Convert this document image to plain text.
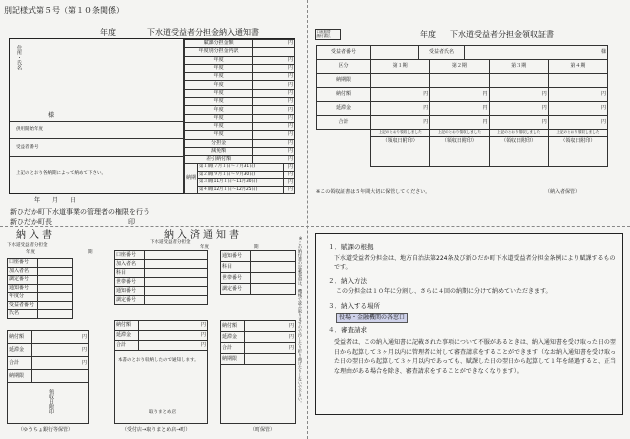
別記様式第５号（第１０条関係）
年度	下水道受益者分担金納入通知書
住所・氏名
様
供用開始年度
受益者番号
上記のとおり各納期によって納めて下さい。
賦課分担金額	円
年度別分担金内訳	
年度	円
年度	円
年度	円
年度	円
年度	円
年度	円
年度	円
年度	円
年度	円
年度	円
分担金	円
減免額	円
差引納付額	円
納期	第１期(７月１日～７月31日)	円
	第２期(９月１日～９月30日)	円
	第３期(11月１日～11月30日)	円
	第４期(12月１日～12月25日)	円
年　　月　　日
新ひだか町下水道事業の管理者の権限を行う
新ひだか町長	印
口座振替
納付書払	年度 下水道受益者分担金領収証書
受益者番号		受益者氏名	様
区分	第１期	第２期	第３期	第４期
納期限				
納付額	円	円	円	円
延滞金	円	円	円	円
合計	円	円	円	円
	上記のとおり領収しました	上記のとおり領収しました	上記のとおり領収しました	上記のとおり領収しました
	（領収日附印）	（領収日附印）	（領収日附印）	（領収日附印）
※この領収証書は５年間大切に保管してください。	（納入者保管）
納入書
下水道受益者分担金
年度	期
口座番号	
加入者名	
調定番号	
通知番号	
年度分	
受益者番号	
氏名	
納付額	円
延滞金	円
合計	円
納期限	
領収日附印
（ゆうちょ銀行等保管）
納入済通知書
下水道受益者分担金
年度	期
口座番号	
加入者名	
科目	
世帯番号	
通知番号	
調定番号	
納付額	円
延滞金	円
合計	円
本書のとおり収納したので通知します。
取りまとめ店
（受付店→取りまとめ店→町）
通知番号	
科目	
世帯番号	
調定番号	
納付額	円
延滞金	円
合計	円
納期限	
（町保管）
※この納付書の記載事項は、機械で読み取りますので汚したり折り曲げたりしないで下さい。	１．賦課の根拠
下水道受益者分担金は、地方自治法第224条及び新ひだか町下水道受益者分担金条例により賦課するものです。
２．納入方法
この分担金は１０年に分割し、さらに４回の納期に分けて納めていただきます。
３．納入する場所
役場・金融機関の各窓口
４．審査請求
受益者は、この納入通知書に記載された事項について不服があるときは、納入通知書を受け取った日の翌日から起算して３ヶ月以内に管理者に対して審査請求をすることができます（なお納入通知書を受け取った日の翌日から起算して３ヶ月以内であっても、賦課した日の翌日から起算して１年を経過すると、正当な理由がある場合を除き、審査請求をすることができなくなります）。
